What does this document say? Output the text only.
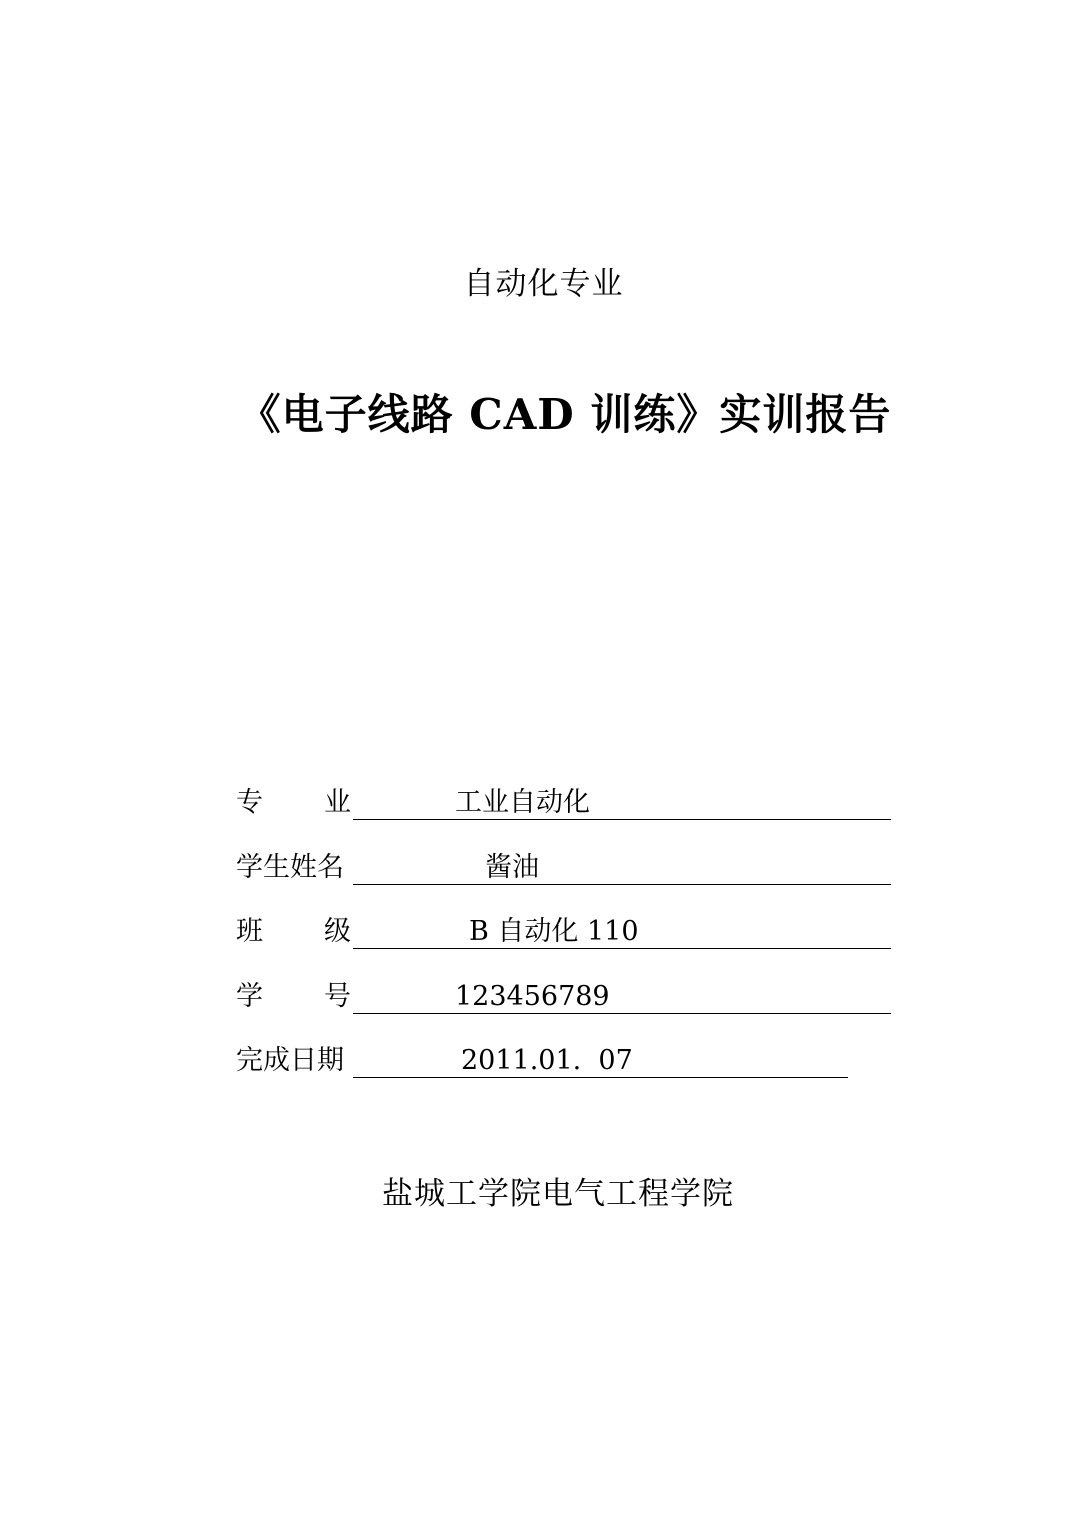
自动化专业
《电子线路 CAD 训练》实训报告
专 业	工业自动化
学生姓名	酱油
班 级	B 自动化 110
学 号	123456789
完成日期	2011.01.  07
盐城工学院电气工程学院
